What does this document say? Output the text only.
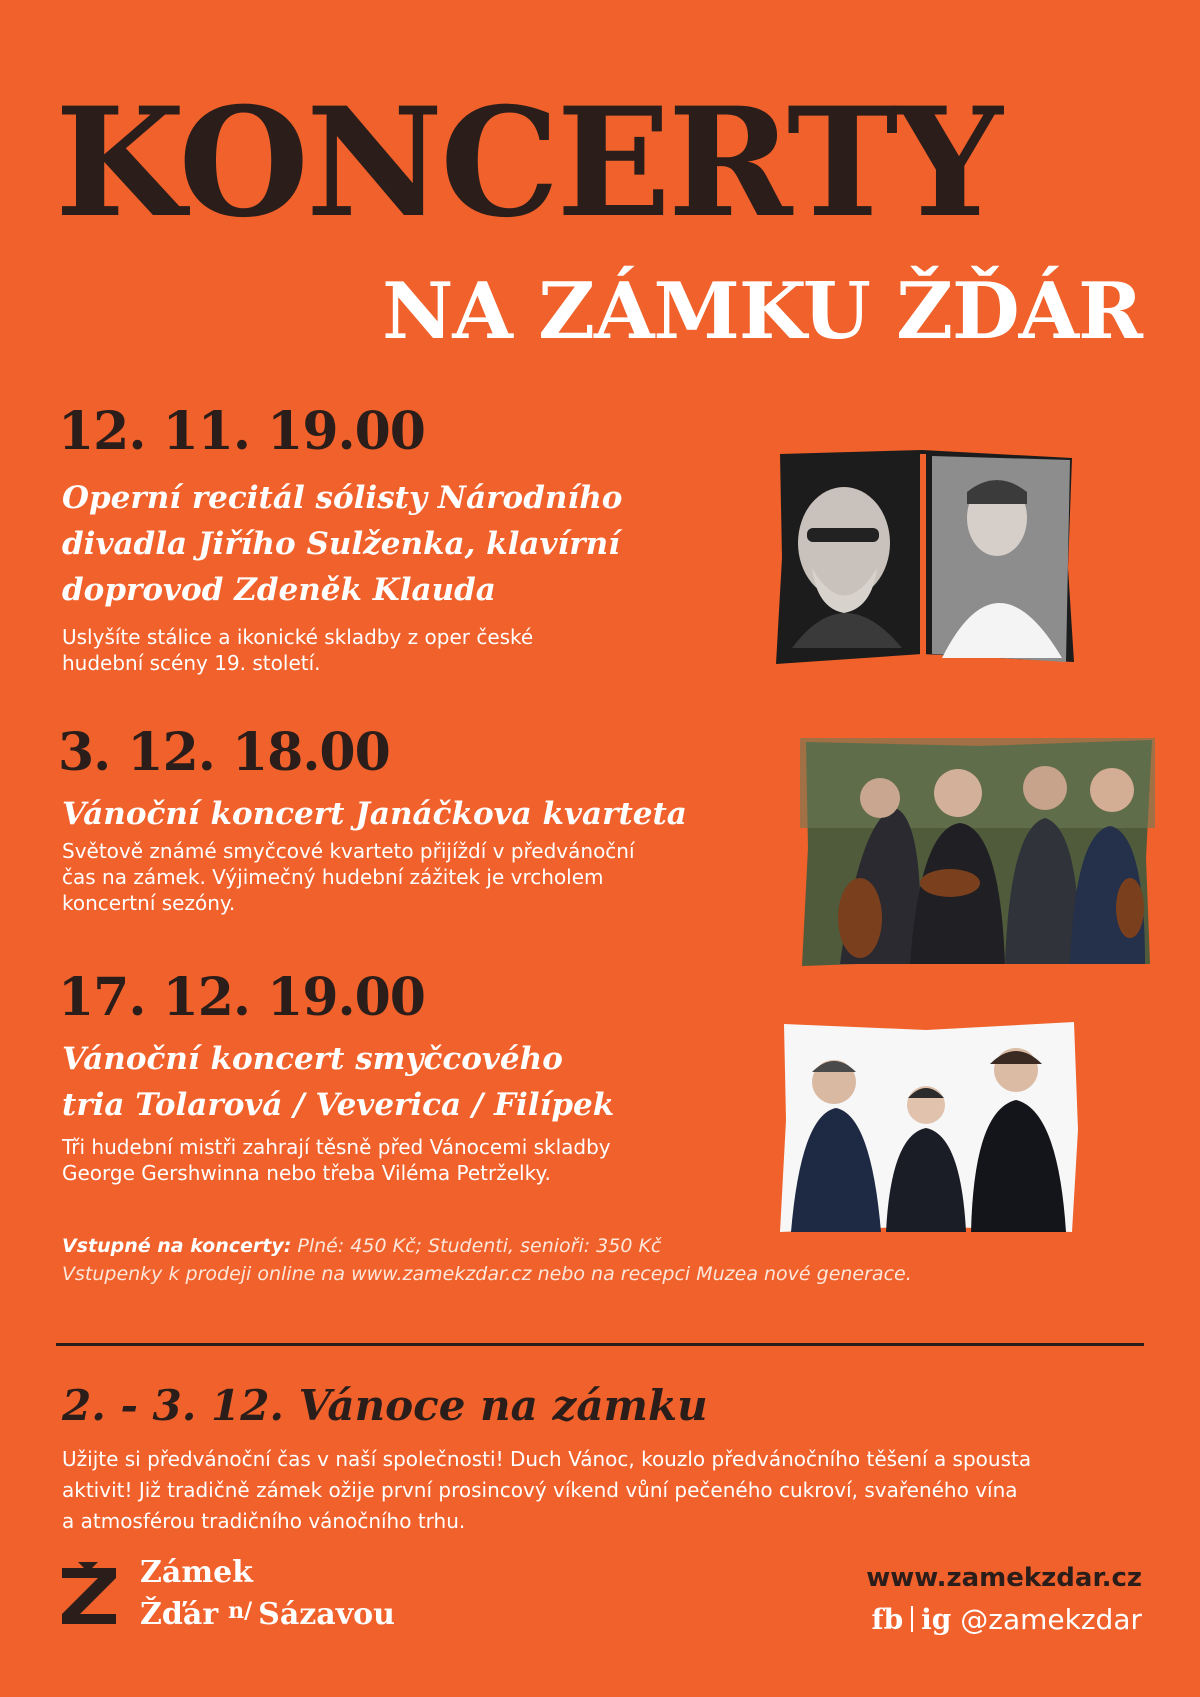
KONCERTY
NA ZÁMKU ŽĎÁR
12. 11. 19.00
Operní recitál sólisty Národního
divadla Jiřího Sulženka, klavírní
doprovod Zdeněk Klauda
Uslyšíte stálice a ikonické skladby z oper české
hudební scény 19. století.
3. 12. 18.00
Vánoční koncert Janáčkova kvarteta
Světově známé smyčcové kvarteto přijíždí v předvánoční
čas na zámek. Výjimečný hudební zážitek je vrcholem
koncertní sezóny.
17. 12. 19.00
Vánoční koncert smyčcového
tria Tolarová / Veverica / Filípek
Tři hudební mistři zahrají těsně před Vánocemi skladby
George Gershwinna nebo třeba Viléma Petrželky.
Vstupné na koncerty: Plné: 450 Kč; Studenti, senioři: 350 Kč
Vstupenky k prodeji online na www.zamekzdar.cz nebo na recepci Muzea nové generace.
2. - 3. 12. Vánoce na zámku
Užijte si předvánoční čas v naší společnosti! Duch Vánoc, kouzlo předvánočního těšení a spousta
aktivit! Již tradičně zámek ožije první prosincový víkend vůní pečeného cukroví, svařeného vína
a atmosférou tradičního vánočního trhu.
Zámek
Žďár $^{n/}$ Sázavou
www.zamekzdar.cz
fb ig @zamekzdar
